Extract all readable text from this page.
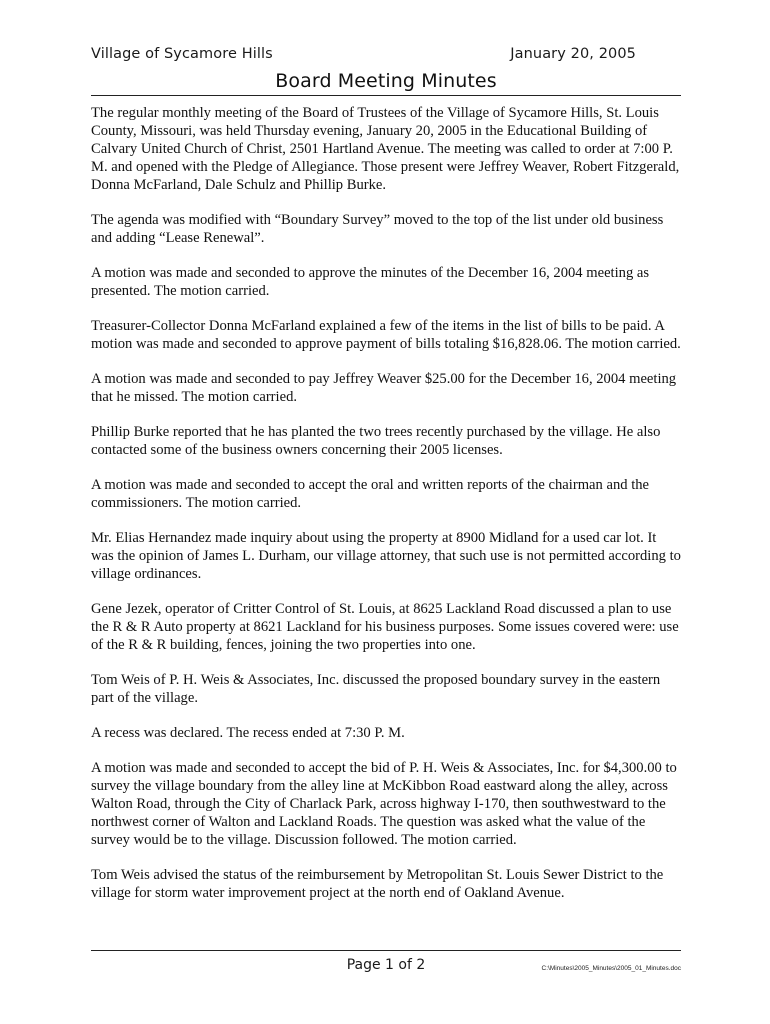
Village of Sycamore Hills	January 20, 2005
Board Meeting Minutes

The regular monthly meeting of the Board of Trustees of the Village of Sycamore Hills, St. Louis County, Missouri, was held Thursday evening, January 20, 2005 in the Educational Building of Calvary United Church of Christ, 2501 Hartland Avenue. The meeting was called to order at 7:00 P. M. and opened with the Pledge of Allegiance. Those present were Jeffrey Weaver, Robert Fitzgerald, Donna McFarland, Dale Schulz and Phillip Burke.

The agenda was modified with “Boundary Survey” moved to the top of the list under old business and adding “Lease Renewal”.

A motion was made and seconded to approve the minutes of the December 16, 2004 meeting as presented. The motion carried.

Treasurer-Collector Donna McFarland explained a few of the items in the list of bills to be paid. A motion was made and seconded to approve payment of bills totaling $16,828.06. The motion carried.

A motion was made and seconded to pay Jeffrey Weaver $25.00 for the December 16, 2004 meeting that he missed. The motion carried.

Phillip Burke reported that he has planted the two trees recently purchased by the village. He also contacted some of the business owners concerning their 2005 licenses.

A motion was made and seconded to accept the oral and written reports of the chairman and the commissioners. The motion carried.

Mr. Elias Hernandez made inquiry about using the property at 8900 Midland for a used car lot. It was the opinion of James L. Durham, our village attorney, that such use is not permitted according to village ordinances.

Gene Jezek, operator of Critter Control of St. Louis, at 8625 Lackland Road discussed a plan to use the R & R Auto property at 8621 Lackland for his business purposes. Some issues covered were: use of the R & R building, fences, joining the two properties into one.

Tom Weis of P. H. Weis & Associates, Inc. discussed the proposed boundary survey in the eastern part of the village.

A recess was declared. The recess ended at 7:30 P. M.

A motion was made and seconded to accept the bid of P. H. Weis & Associates, Inc. for $4,300.00 to survey the village boundary from the alley line at McKibbon Road eastward along the alley, across Walton Road, through the City of Charlack Park, across highway I-170, then southwestward to the northwest corner of Walton and Lackland Roads. The question was asked what the value of the survey would be to the village. Discussion followed. The motion carried.

Tom Weis advised the status of the reimbursement by Metropolitan St. Louis Sewer District to the village for storm water improvement project at the north end of Oakland Avenue.

Page 1 of 2	C:\Minutes\2005_Minutes\2005_01_Minutes.doc
